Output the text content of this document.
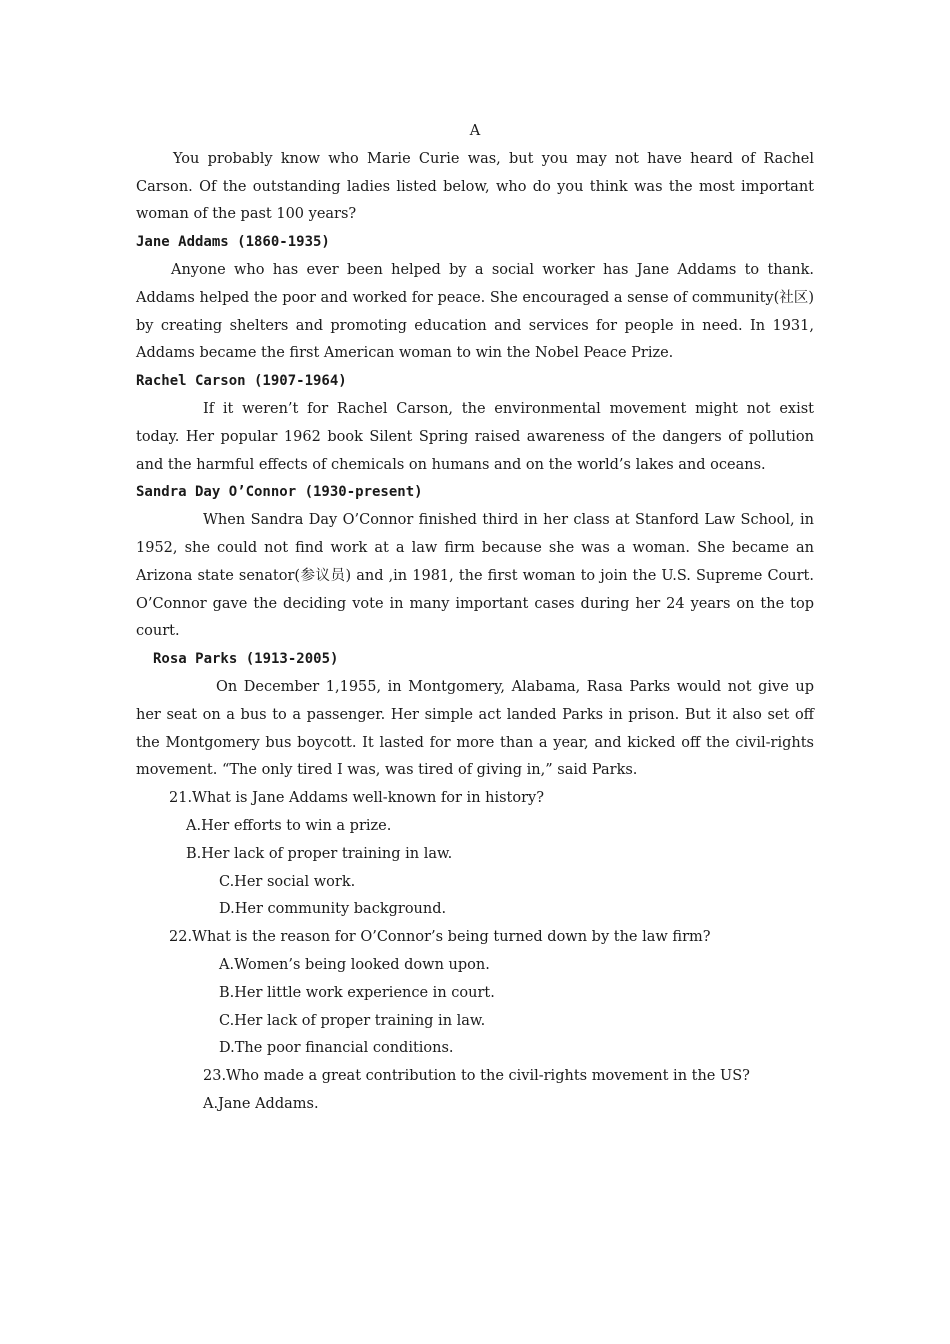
A

You probably know who Marie Curie was, but you may not have heard of Rachel Carson. Of the outstanding ladies listed below, who do you think was the most important woman of the past 100 years?

Jane Addams (1860-1935)

Anyone who has ever been helped by a social worker has Jane Addams to thank. Addams helped the poor and worked for peace. She encouraged a sense of community(社区) by creating shelters and promoting education and services for people in need. In 1931, Addams became the first American woman to win the Nobel Peace Prize.

Rachel Carson (1907-1964)

If it weren’t for Rachel Carson, the environmental movement might not exist today. Her popular 1962 book Silent Spring raised awareness of the dangers of pollution and the harmful effects of chemicals on humans and on the world’s lakes and oceans.

Sandra Day O’Connor (1930-present)

When Sandra Day O’Connor finished third in her class at Stanford Law School, in 1952, she could not find work at a law firm because she was a woman. She became an Arizona state senator(参议员) and ,in 1981, the first woman to join the U.S. Supreme Court. O’Connor gave the deciding vote in many important cases during her 24 years on the top court.

Rosa Parks (1913-2005)

On December 1,1955, in Montgomery, Alabama, Rasa Parks would not give up her seat on a bus to a passenger. Her simple act landed Parks in prison. But it also set off the Montgomery bus boycott. It lasted for more than a year, and kicked off the civil-rights movement. “The only tired I was, was tired of giving in,” said Parks.

21.What is Jane Addams well-known for in history?
A.Her efforts to win a prize.
B.Her lack of proper training in law.
C.Her social work.
D.Her community background.
22.What is the reason for O’Connor’s being turned down by the law firm?
A.Women’s being looked down upon.
B.Her little work experience in court.
C.Her lack of proper training in law.
D.The poor financial conditions.
23.Who made a great contribution to the civil-rights movement in the US?
A.Jane Addams.
